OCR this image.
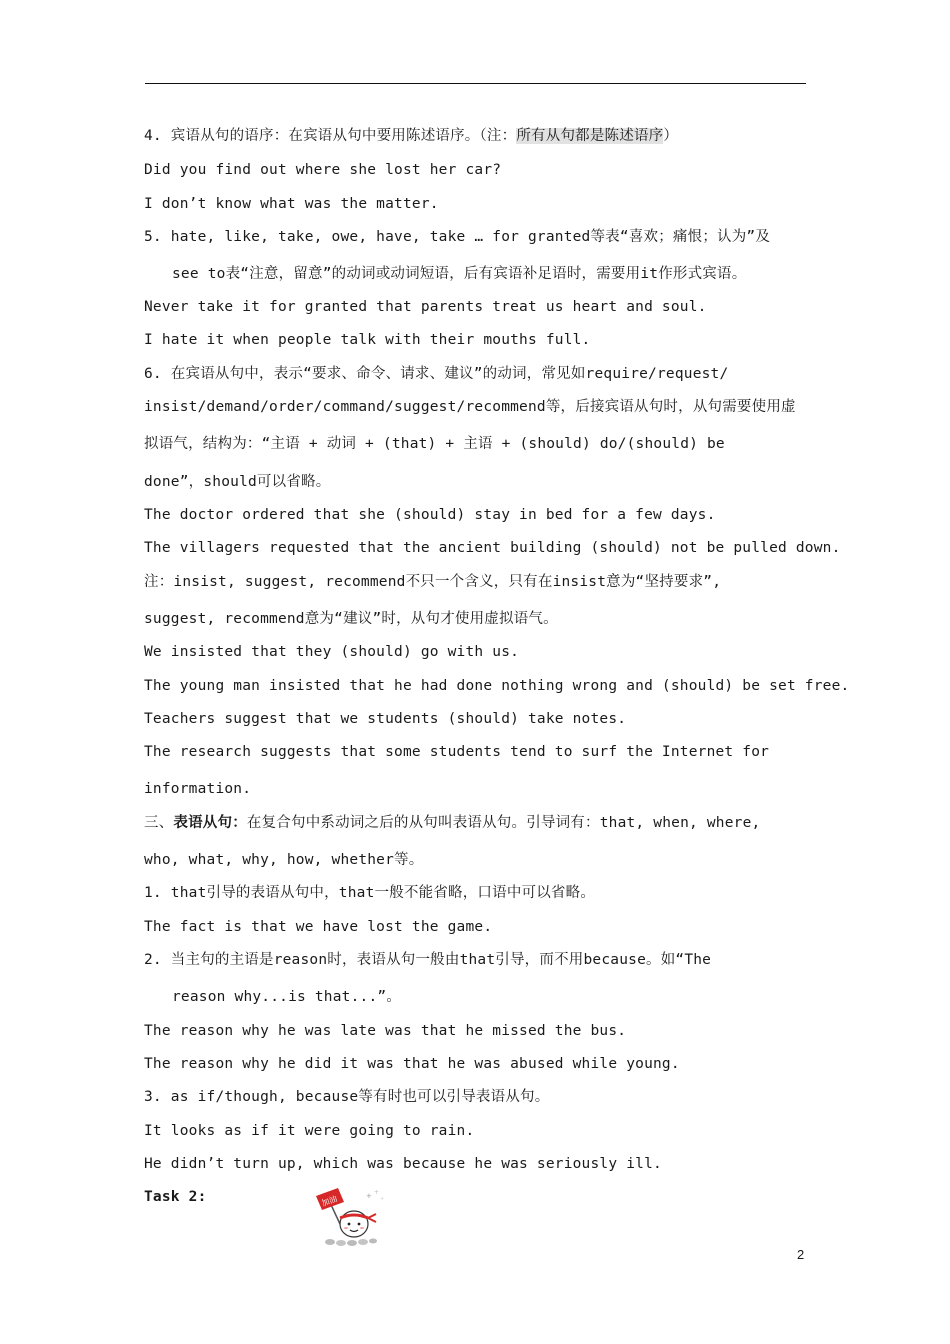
4. 宾语从句的语序：在宾语从句中要用陈述语序。（注：所有从句都是陈述语序）
Did you find out where she lost her car?
I don’t know what was the matter.
5. hate, like, take, owe, have, take … for granted等表“喜欢；痛恨；认为”及
see to表“注意，留意”的动词或动词短语，后有宾语补足语时，需要用it作形式宾语。
Never take it for granted that parents treat us heart and soul.
I hate it when people talk with their mouths full.
6. 在宾语从句中，表示“要求、命令、请求、建议”的动词，常见如require/request/
insist/demand/order/command/suggest/recommend等，后接宾语从句时，从句需要使用虚
拟语气，结构为：“主语 + 动词 + (that) + 主语 + (should) do/(should) be
done”，should可以省略。
The doctor ordered that she (should) stay in bed for a few days.
The villagers requested that the ancient building (should) not be pulled down.
注：insist, suggest, recommend不只一个含义，只有在insist意为“坚持要求”,
suggest, recommend意为“建议”时，从句才使用虚拟语气。
We insisted that they (should) go with us.
The young man insisted that he had done nothing wrong and (should) be set free.
Teachers suggest that we students (should) take notes.
The research suggests that some students tend to surf the Internet for
information.
三、表语从句：在复合句中系动词之后的从句叫表语从句。引导词有：that, when, where,
who, what, why, how, whether等。
1. that引导的表语从句中，that一般不能省略，口语中可以省略。
The fact is that we have lost the game.
2. 当主句的主语是reason时，表语从句一般由that引导，而不用because。如“The
reason why...is that...”。
The reason why he was late was that he missed the bus.
The reason why he did it was that he was abused while young.
3. as if/though, because等有时也可以引导表语从句。
It looks as if it were going to rain.
He didn’t turn up, which was because he was seriously ill.
Task 2:	加油	+ +
+
2
